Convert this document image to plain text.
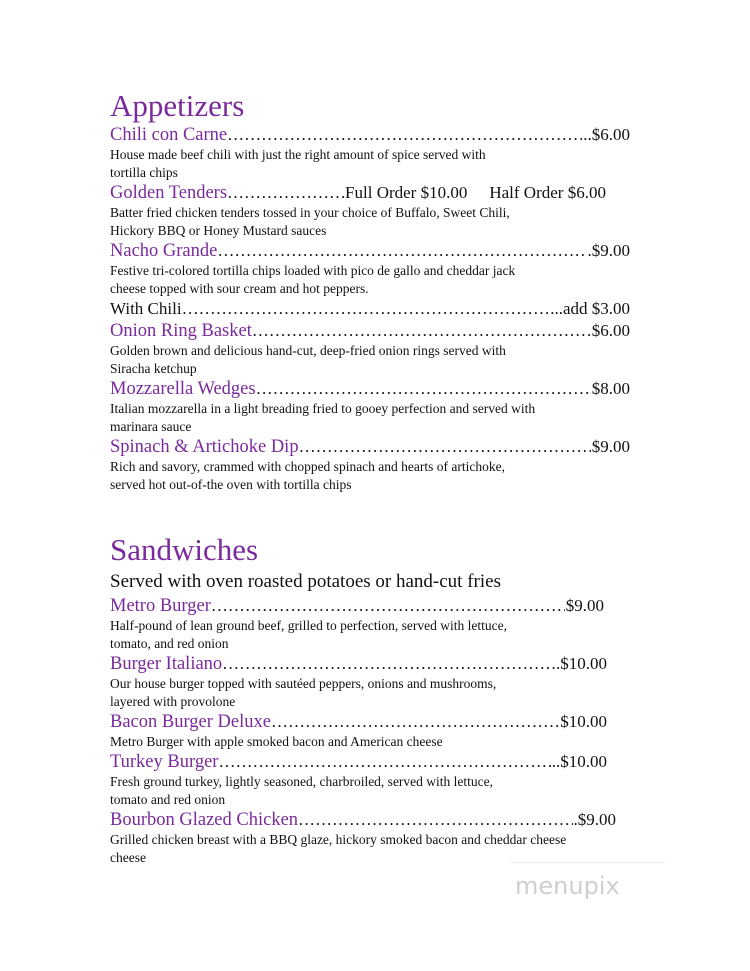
Appetizers
Chili con Carne ……………………………………………………………………………………………………………………………………………………	..$6.00
House made beef chili with just the right amount of spice served with
tortilla chips
Golden Tenders ……………………………………………………………………………………………………………………………………………………	Full Order $10.00	Half Order $6.00
Batter fried chicken tenders tossed in your choice of Buffalo, Sweet Chili,
Hickory BBQ or Honey Mustard sauces
Nacho Grande ……………………………………………………………………………………………………………………………………………………	.$9.00
Festive tri-colored tortilla chips loaded with pico de gallo and cheddar jack
cheese topped with sour cream and hot peppers.
With Chili ……………………………………………………………………………………………………………………………………………………	...add $3.00
Onion Ring Basket ……………………………………………………………………………………………………………………………………………………	$6.00
Golden brown and delicious hand-cut, deep-fried onion rings served with
Siracha ketchup
Mozzarella Wedges ……………………………………………………………………………………………………………………………………………………	$8.00
Italian mozzarella in a light breading fried to gooey perfection and served with
marinara sauce
Spinach & Artichoke Dip ……………………………………………………………………………………………………………………………………………………	$9.00
Rich and savory, crammed with chopped spinach and hearts of artichoke,
served hot out-of-the oven with tortilla chips
Sandwiches
Served with oven roasted potatoes or hand-cut fries
Metro Burger ……………………………………………………………………………………………………………………………………………………	$9.00
Half-pound of lean ground beef, grilled to perfection, served with lettuce,
tomato, and red onion
Burger Italiano ……………………………………………………………………………………………………………………………………………………	.$10.00
Our house burger topped with sautéed peppers, onions and mushrooms,
layered with provolone
Bacon Burger Deluxe ……………………………………………………………………………………………………………………………………………………	$10.00
Metro Burger with apple smoked bacon and American cheese
Turkey Burger ……………………………………………………………………………………………………………………………………………………	..$10.00
Fresh ground turkey, lightly seasoned, charbroiled, served with lettuce,
tomato and red onion
Bourbon Glazed Chicken ……………………………………………………………………………………………………………………………………………………	.$9.00
Grilled chicken breast with a BBQ glaze, hickory smoked bacon and cheddar cheese
cheese
menupix
